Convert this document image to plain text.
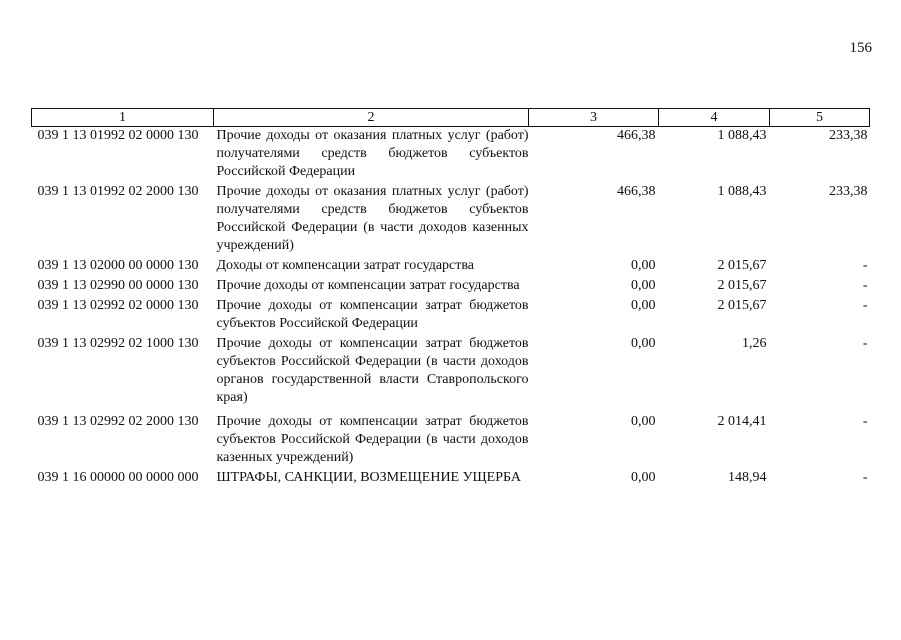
156
1	2	3	4	5
039 1 13 01992 02 0000 130	Прочие доходы от оказания платных услуг (работ) получателями средств бюджетов субъектов Российской Федерации	466,38	1 088,43	233,38
039 1 13 01992 02 2000 130	Прочие доходы от оказания платных услуг (работ) получателями средств бюджетов субъектов Российской Федерации (в части доходов казенных учреждений)	466,38	1 088,43	233,38
039 1 13 02000 00 0000 130	Доходы от компенсации затрат государства	0,00	2 015,67	-
039 1 13 02990 00 0000 130	Прочие доходы от компенсации затрат государства	0,00	2 015,67	-
039 1 13 02992 02 0000 130	Прочие доходы от компенсации затрат бюджетов субъектов Российской Федерации	0,00	2 015,67	-
039 1 13 02992 02 1000 130	Прочие доходы от компенсации затрат бюджетов субъектов Российской Федерации (в части доходов органов государственной власти Ставропольского края)	0,00	1,26	-
039 1 13 02992 02 2000 130	Прочие доходы от компенсации затрат бюджетов субъектов Российской Федерации (в части доходов казенных учреждений)	0,00	2 014,41	-
039 1 16 00000 00 0000 000	ШТРАФЫ, САНКЦИИ, ВОЗМЕЩЕНИЕ УЩЕРБА	0,00	148,94	-
